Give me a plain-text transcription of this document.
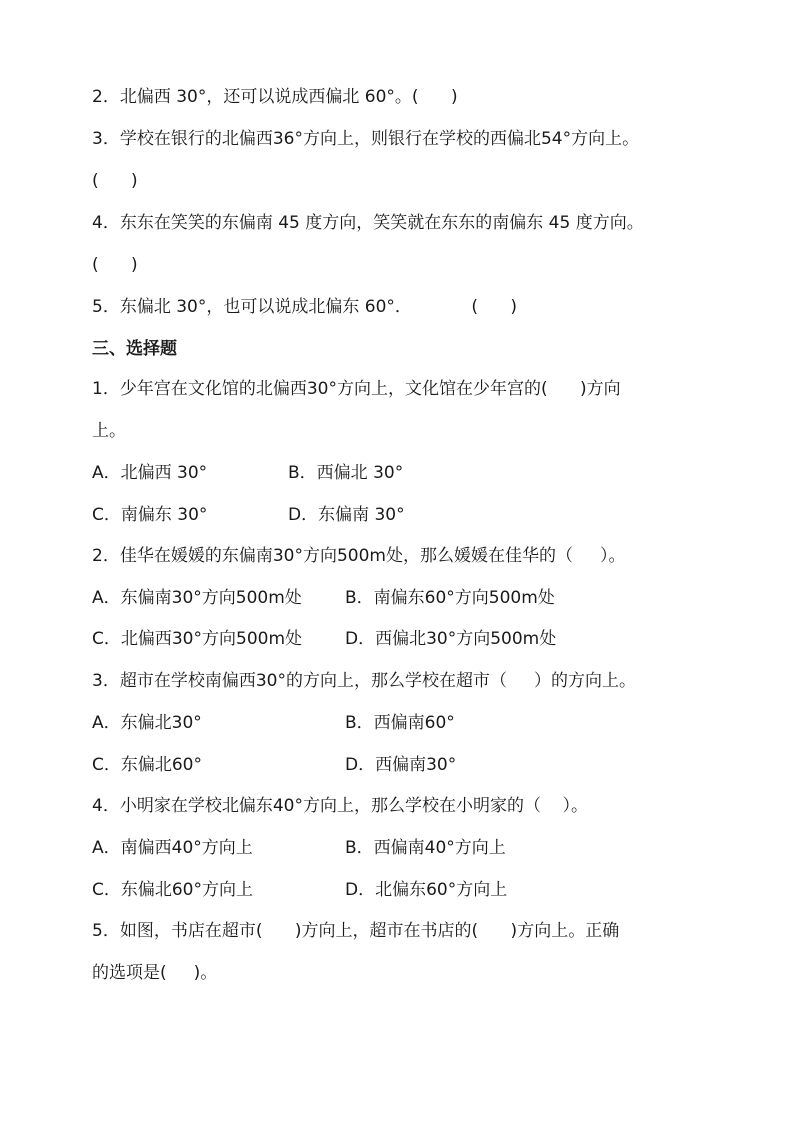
2．北偏西 30°，还可以说成西偏北 60°。(      )
3．学校在银行的北偏西36°方向上，则银行在学校的西偏北54°方向上。
(      )
4．东东在笑笑的东偏南 45 度方向，笑笑就在东东的南偏东 45 度方向。
(      )
5．东偏北 30°，也可以说成北偏东 60°．           (      )
三、选择题
1．少年宫在文化馆的北偏西30°方向上，文化馆在少年宫的(      )方向
上。
A．北偏西 30°	B．西偏北 30°
C．南偏东 30°	D．东偏南 30°
2．佳华在媛媛的东偏南30°方向500m处，那么媛媛在佳华的（     ）。
A．东偏南30°方向500m处	B．南偏东60°方向500m处
C．北偏西30°方向500m处	D．西偏北30°方向500m处
3．超市在学校南偏西30°的方向上，那么学校在超市（     ）的方向上。
A．东偏北30°	B．西偏南60°
C．东偏北60°	D．西偏南30°
4．小明家在学校北偏东40°方向上，那么学校在小明家的（    ）。
A．南偏西40°方向上	B．西偏南40°方向上
C．东偏北60°方向上	D．北偏东60°方向上
5．如图，书店在超市(      )方向上，超市在书店的(      )方向上。正确
的选项是(     )。
